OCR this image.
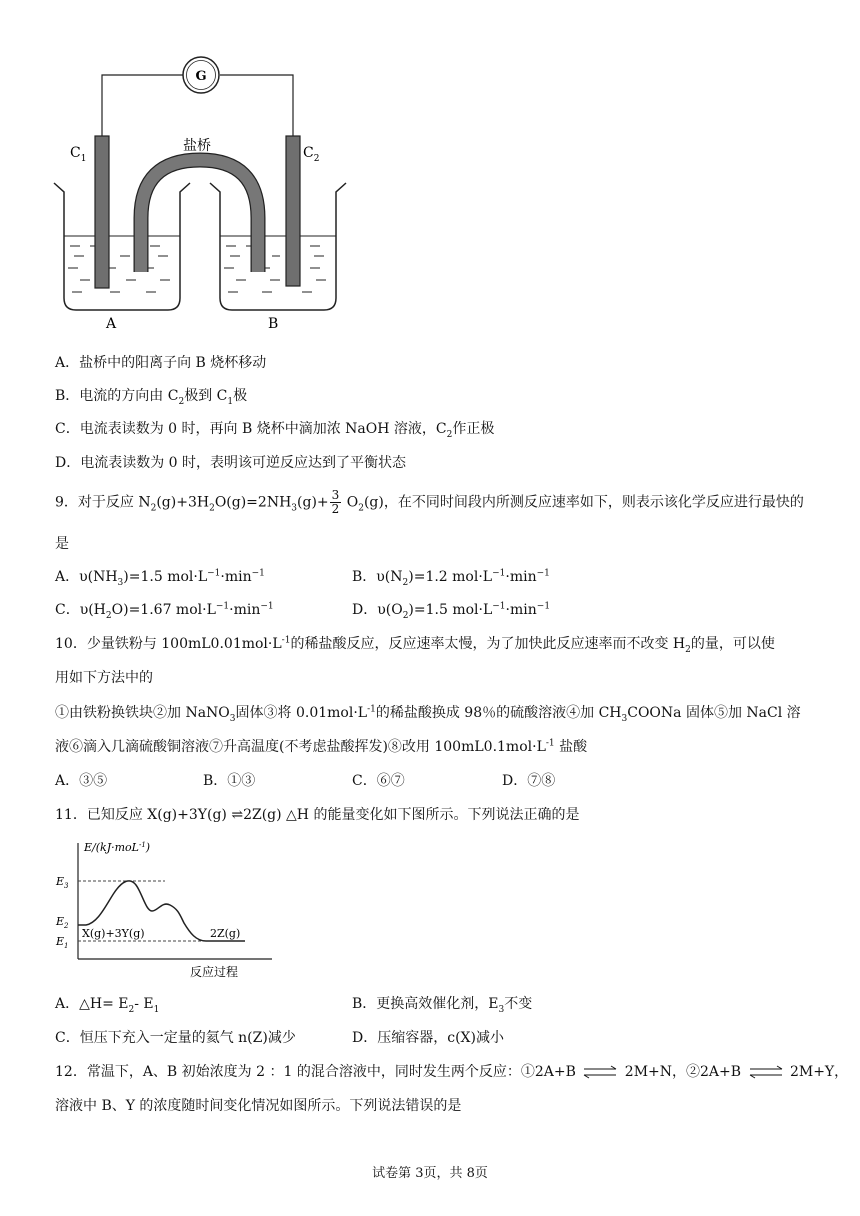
G
$C_1$	$C_2$
盐桥
A	B
A．盐桥中的阳离子向 B 烧杯移动
B．电流的方向由 $C_2$极到 $C_1$极
C．电流表读数为 0 时，再向 B 烧杯中滴加浓 NaOH 溶液，$C_2$作正极
D．电流表读数为 0 时，表明该可逆反应达到了平衡状态
9．对于反应 $N_2(g)+3H_2O(g)=2NH_3(g)+ \frac{3}{2} O_2(g)$，在不同时间段内所测反应速率如下，则表示该化学反应进行最快的
是
A．$\upsilon(NH_3)=1.5$ $mol\cdot L^{-1}\cdot\min^{-1}$	B．$\upsilon(N_2)=1.2$ $mol\cdot L^{-1}\cdot\min^{-1}$
C．$\upsilon(H_2O)=1.67$ $mol\cdot L^{-1}\cdot\min^{-1}$	D．$\upsilon(O_2)=1.5$ $mol\cdot L^{-1}\cdot\min^{-1}$
10．少量铁粉与 $100mL0.01mol\cdot L^{-1}$的稀盐酸反应，反应速率太慢，为了加快此反应速率而不改变 $H_2$的量，可以使
用如下方法中的
①由铁粉换铁块②加 NaNO$_3$固体③将 $0.01mol\cdot L^{-1}$的稀盐酸换成 98％的硫酸溶液④加 $CH_3COONa$ 固体⑤加 NaCl 溶
液⑥滴入几滴硫酸铜溶液⑦升高温度(不考虑盐酸挥发)⑧改用 $100mL0.1mol\cdot L^{-1}$ 盐酸
A．③⑤	B．①③	C．⑥⑦	D．⑦⑧
11．已知反应 X(g)+3Y(g) ⇌2Z(g) △H 的能量变化如下图所示。下列说法正确的是
E/(kJ·moL$^{-1}$)
$E_3$
$E_2$
$E_1$
X(g)+3Y(g)	2Z(g)
反应过程
A．△H= $E_2-$ $E_1$	B．更换高效催化剂，$E_3$不变
C．恒压下充入一定量的氦气 n(Z)减少	D．压缩容器，c(X)减小
12．常温下，A、B 初始浓度为 2 ：1 的混合溶液中，同时发生两个反应：①2A+B ⇌ 2M+N，②2A+B ⇌ 2M+Y，
溶液中 B、Y 的浓度随时间变化情况如图所示。下列说法错误的是
试卷第 3页，共 8页
